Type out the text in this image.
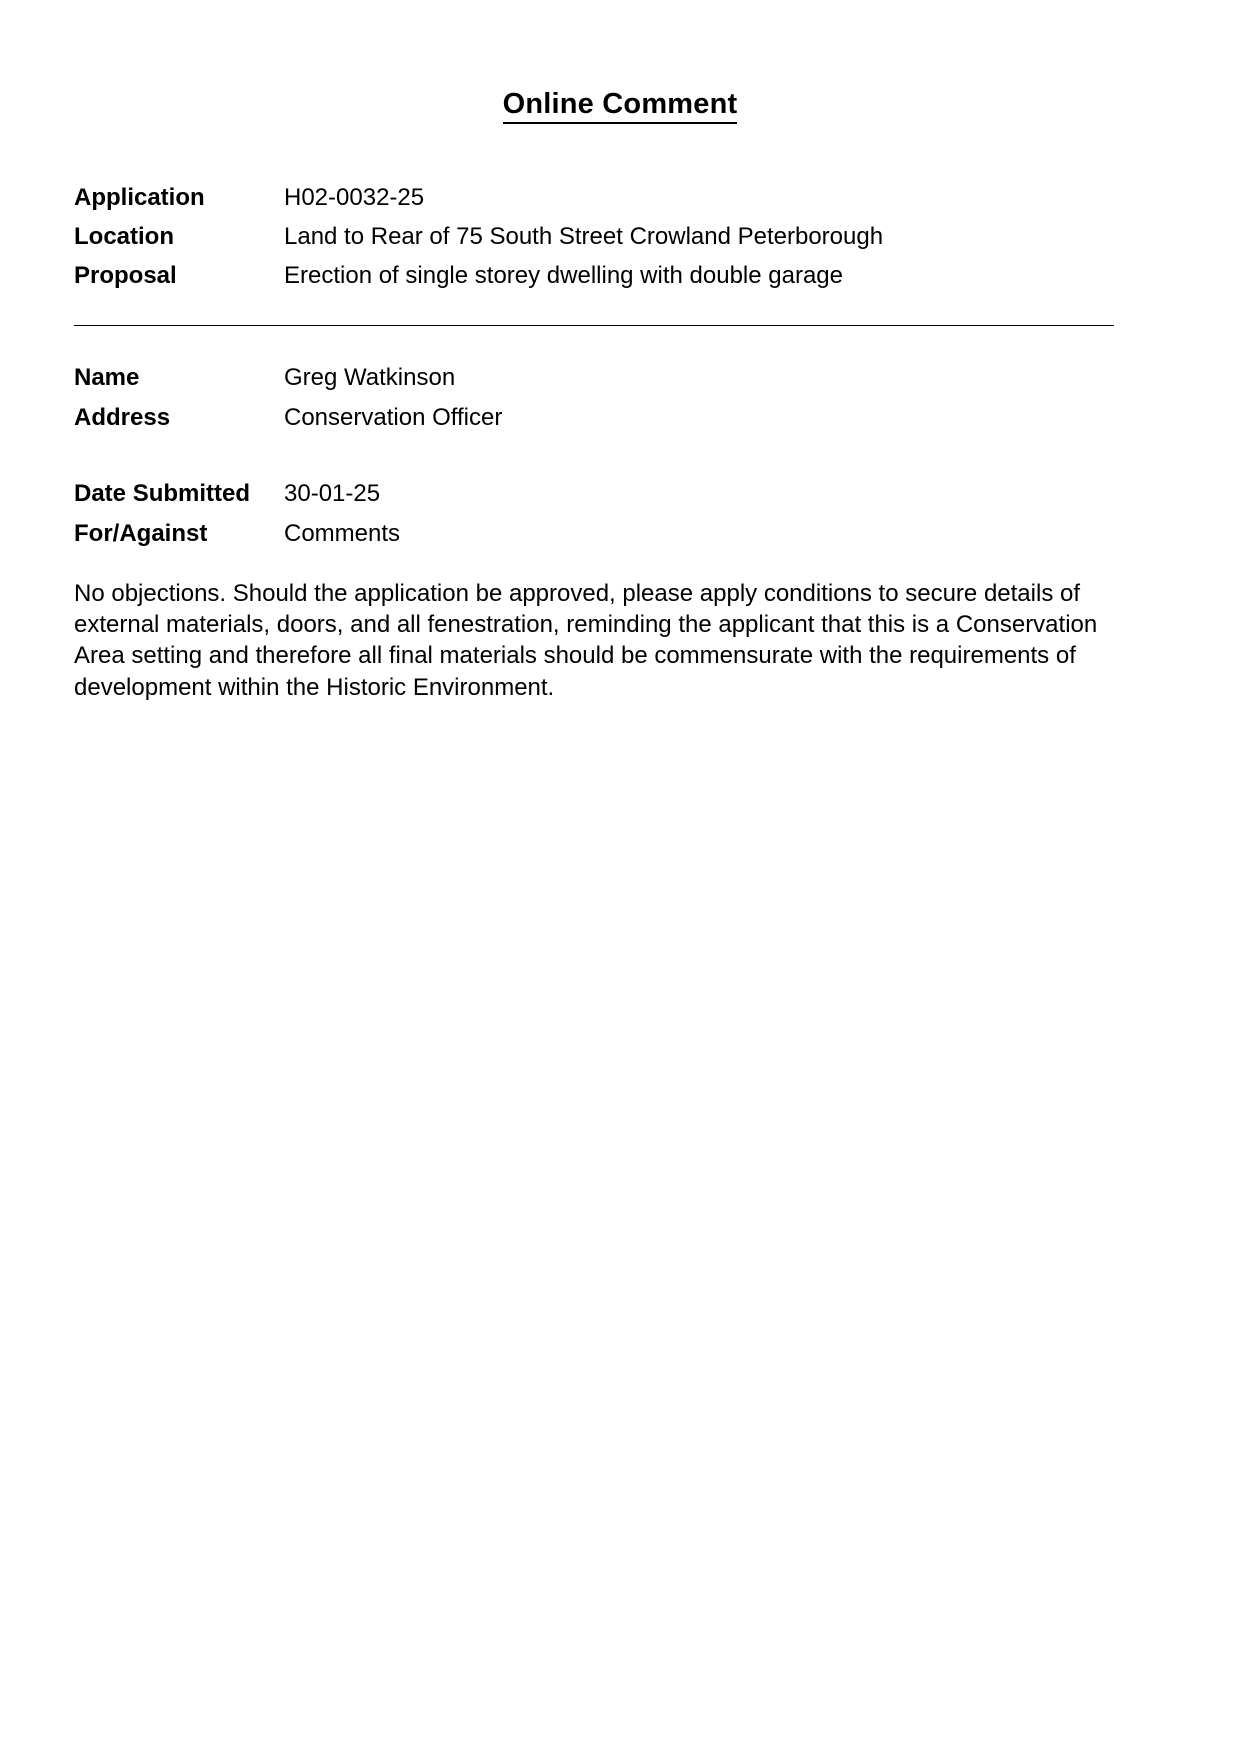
Online Comment
Application	H02-0032-25
Location	Land to Rear of 75 South Street Crowland Peterborough
Proposal	Erection of single storey dwelling with double garage
Name	Greg Watkinson
Address	Conservation Officer
Date Submitted	30-01-25
For/Against	Comments
No objections. Should the application be approved, please apply conditions to secure details of external materials, doors, and all fenestration, reminding the applicant that this is a Conservation Area setting and therefore all final materials should be commensurate with the requirements of development within the Historic Environment.
